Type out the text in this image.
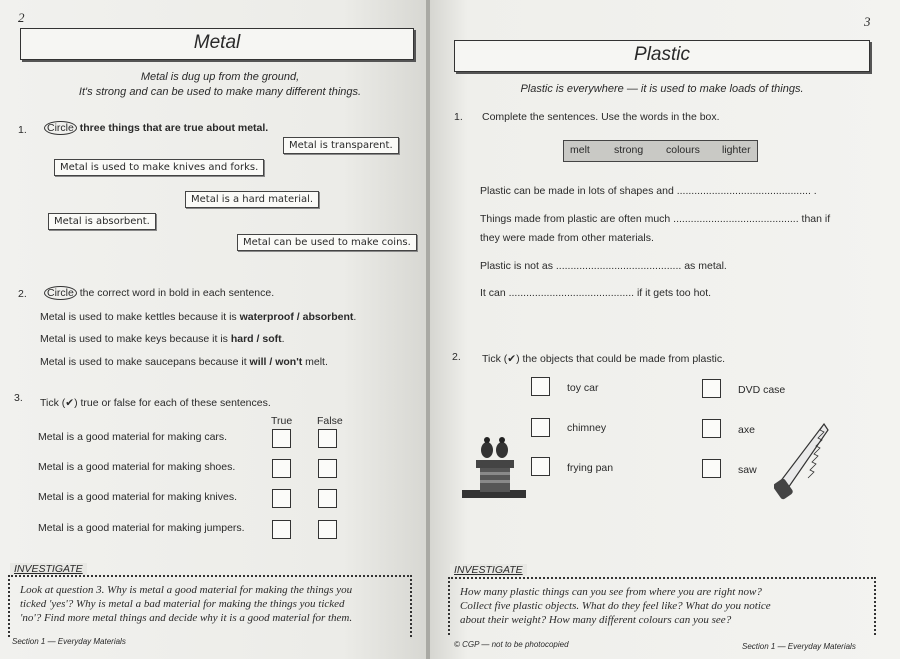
2
Metal
Metal is dug up from the ground,
It's strong and can be used to make many different things.
1. Circle three things that are true about metal.
Metal is transparent.
Metal is used to make knives and forks.
Metal is a hard material.
Metal is absorbent.
Metal can be used to make coins.
2. Circle the correct word in bold in each sentence.
Metal is used to make kettles because it is waterproof / absorbent.
Metal is used to make keys because it is hard / soft.
Metal is used to make saucepans because it will / won't melt.
3. Tick (✔) true or false for each of these sentences.
True False
Metal is a good material for making cars.
Metal is a good material for making shoes.
Metal is a good material for making knives.
Metal is a good material for making jumpers.
INVESTIGATE
Look at question 3. Why is metal a good material for making the things you
ticked 'yes'? Why is metal a bad material for making the things you ticked
'no'? Find more metal things and decide why it is a good material for them.
Section 1 — Everyday Materials
3
Plastic
Plastic is everywhere — it is used to make loads of things.
1. Complete the sentences. Use the words in the box.
melt strong colours lighter
Plastic can be made in lots of shapes and .............................................. .
Things made from plastic are often much ........................................... than if
they were made from other materials.
Plastic is not as ........................................... as metal.
It can ........................................... if it gets too hot.
2. Tick (✔) the objects that could be made from plastic.
toy car
chimney
frying pan
DVD case
axe
saw
INVESTIGATE
How many plastic things can you see from where you are right now?
Collect five plastic objects. What do they feel like? What do you notice
about their weight? How many different colours can you see?
© CGP — not to be photocopied	Section 1 — Everyday Materials
